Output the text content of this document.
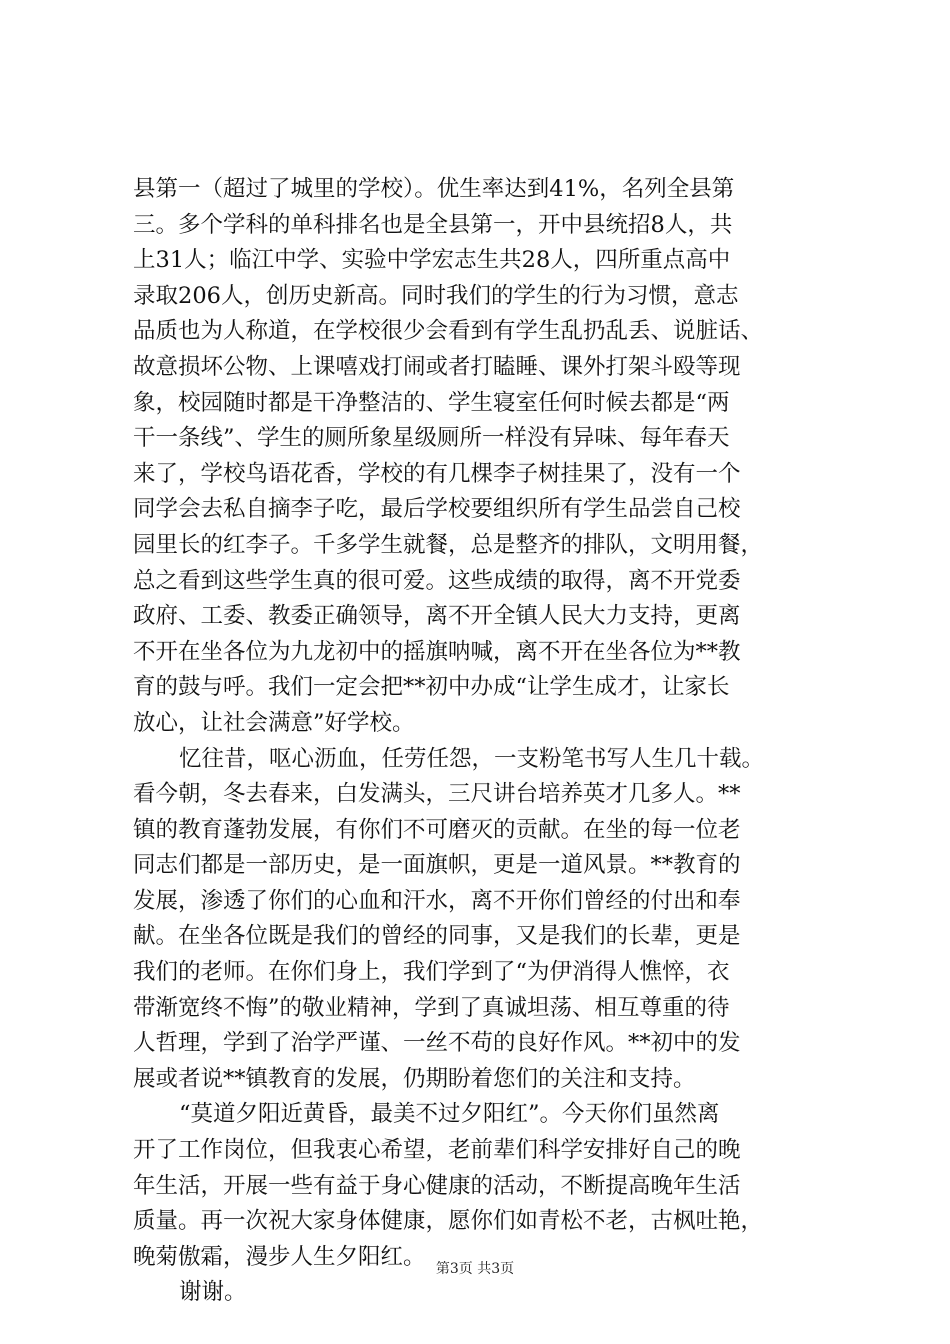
县第一（超过了城里的学校）。优生率达到41%，名列全县第
三。多个学科的单科排名也是全县第一，开中县统招8人，共
上31人；临江中学、实验中学宏志生共28人，四所重点高中
录取206人，创历史新高。同时我们的学生的行为习惯，意志
品质也为人称道，在学校很少会看到有学生乱扔乱丢、说脏话、
故意损坏公物、上课嘻戏打闹或者打瞌睡、课外打架斗殴等现
象，校园随时都是干净整洁的、学生寝室任何时候去都是“两
干一条线”、学生的厕所象星级厕所一样没有异味、每年春天
来了，学校鸟语花香，学校的有几棵李子树挂果了，没有一个
同学会去私自摘李子吃，最后学校要组织所有学生品尝自己校
园里长的红李子。千多学生就餐，总是整齐的排队，文明用餐，
总之看到这些学生真的很可爱。这些成绩的取得，离不开党委
政府、工委、教委正确领导，离不开全镇人民大力支持，更离
不开在坐各位为九龙初中的摇旗呐喊，离不开在坐各位为**教
育的鼓与呼。我们一定会把**初中办成“让学生成才，让家长
放心，让社会满意”好学校。
忆往昔，呕心沥血，任劳任怨，一支粉笔书写人生几十载。
看今朝，冬去春来，白发满头，三尺讲台培养英才几多人。**
镇的教育蓬勃发展，有你们不可磨灭的贡献。在坐的每一位老
同志们都是一部历史，是一面旗帜，更是一道风景。**教育的
发展，渗透了你们的心血和汗水，离不开你们曾经的付出和奉
献。在坐各位既是我们的曾经的同事，又是我们的长辈，更是
我们的老师。在你们身上，我们学到了“为伊消得人憔悴，衣
带渐宽终不悔”的敬业精神，学到了真诚坦荡、相互尊重的待
人哲理，学到了治学严谨、一丝不苟的良好作风。**初中的发
展或者说**镇教育的发展，仍期盼着您们的关注和支持。
“莫道夕阳近黄昏，最美不过夕阳红”。今天你们虽然离
开了工作岗位，但我衷心希望，老前辈们科学安排好自己的晚
年生活，开展一些有益于身心健康的活动，不断提高晚年生活
质量。再一次祝大家身体健康，愿你们如青松不老，古枫吐艳，
晚菊傲霜，漫步人生夕阳红。
谢谢。
第3页 共3页
